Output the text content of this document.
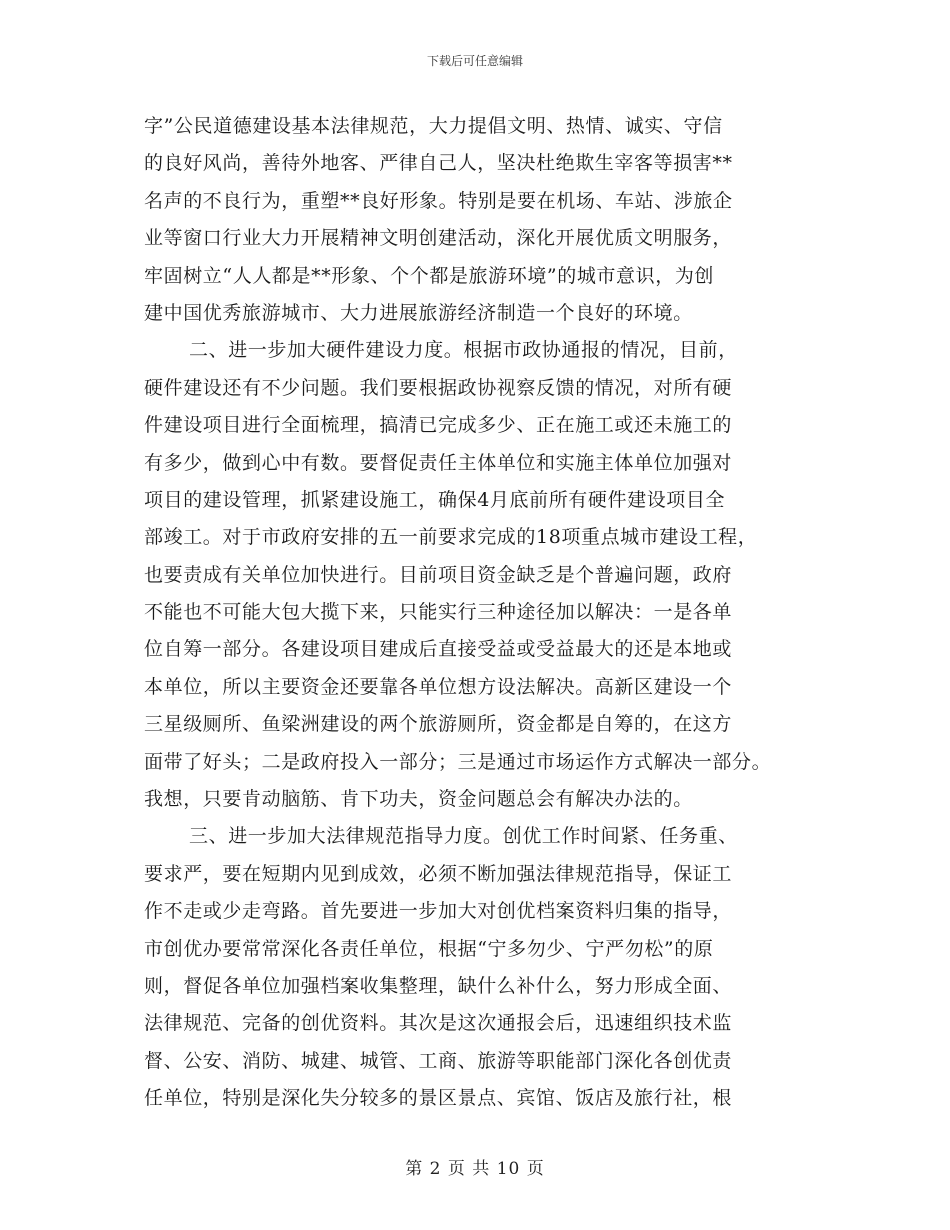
下载后可任意编辑
字”公民道德建设基本法律规范，大力提倡文明、热情、诚实、守信
的良好风尚，善待外地客、严律自己人，坚决杜绝欺生宰客等损害**
名声的不良行为，重塑**良好形象。特别是要在机场、车站、涉旅企
业等窗口行业大力开展精神文明创建活动，深化开展优质文明服务，
牢固树立“人人都是**形象、个个都是旅游环境”的城市意识，为创
建中国优秀旅游城市、大力进展旅游经济制造一个良好的环境。
二、进一步加大硬件建设力度。根据市政协通报的情况，目前，
硬件建设还有不少问题。我们要根据政协视察反馈的情况，对所有硬
件建设项目进行全面梳理，搞清已完成多少、正在施工或还未施工的
有多少，做到心中有数。要督促责任主体单位和实施主体单位加强对
项目的建设管理，抓紧建设施工，确保4月底前所有硬件建设项目全
部竣工。对于市政府安排的五一前要求完成的18项重点城市建设工程，
也要责成有关单位加快进行。目前项目资金缺乏是个普遍问题，政府
不能也不可能大包大揽下来，只能实行三种途径加以解决：一是各单
位自筹一部分。各建设项目建成后直接受益或受益最大的还是本地或
本单位，所以主要资金还要靠各单位想方设法解决。高新区建设一个
三星级厕所、鱼梁洲建设的两个旅游厕所，资金都是自筹的，在这方
面带了好头；二是政府投入一部分；三是通过市场运作方式解决一部分。
我想，只要肯动脑筋、肯下功夫，资金问题总会有解决办法的。
三、进一步加大法律规范指导力度。创优工作时间紧、任务重、
要求严，要在短期内见到成效，必须不断加强法律规范指导，保证工
作不走或少走弯路。首先要进一步加大对创优档案资料归集的指导，
市创优办要常常深化各责任单位，根据“宁多勿少、宁严勿松”的原
则，督促各单位加强档案收集整理，缺什么补什么，努力形成全面、
法律规范、完备的创优资料。其次是这次通报会后，迅速组织技术监
督、公安、消防、城建、城管、工商、旅游等职能部门深化各创优责
任单位，特别是深化失分较多的景区景点、宾馆、饭店及旅行社，根
第 2 页 共 10 页
